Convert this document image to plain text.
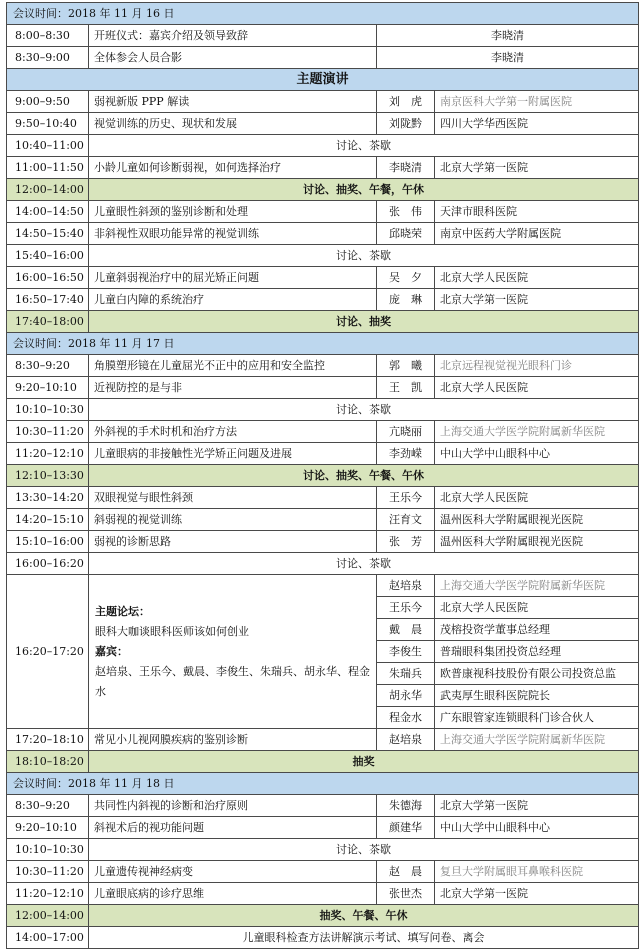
会议时间：2018 年 11 月 16 日			
8:00–8:30	开班仪式：嘉宾介绍及领导致辞	李晓清	
8:30–9:00	全体参会人员合影	李晓清	
主题演讲			
9:00–9:50	弱视新版 PPP 解读	刘　虎	南京医科大学第一附属医院
9:50–10:40	视觉训练的历史、现状和发展	刘陇黔	四川大学华西医院
10:40–11:00	讨论、茶歇		
11:00–11:50	小龄儿童如何诊断弱视，如何选择治疗	李晓清	北京大学第一医院
12:00–14:00	讨论、抽奖、午餐，午休		
14:00–14:50	儿童眼性斜颈的鉴别诊断和处理	张　伟	天津市眼科医院
14:50–15:40	非斜视性双眼功能异常的视觉训练	邱晓荣	南京中医药大学附属医院
15:40–16:00	讨论、茶歇		
16:00–16:50	儿童斜弱视治疗中的屈光矫正问题	吴　夕	北京大学人民医院
16:50–17:40	儿童白内障的系统治疗	庞　琳	北京大学第一医院
17:40–18:00	讨论、抽奖		
会议时间：2018 年 11 月 17 日			
8:30–9:20	角膜塑形镜在儿童屈光不正中的应用和安全监控	郭　曦	北京远程视觉视光眼科门诊
9:20–10:10	近视防控的是与非	王　凯	北京大学人民医院
10:10–10:30	讨论、茶歇		
10:30–11:20	外斜视的手术时机和治疗方法	亢晓丽	上海交通大学医学院附属新华医院
11:20–12:10	儿童眼病的非接触性光学矫正问题及进展	李劲嵘	中山大学中山眼科中心
12:10–13:30	讨论、抽奖、午餐、午休		
13:30–14:20	双眼视觉与眼性斜颈	王乐今	北京大学人民医院
14:20–15:10	斜弱视的视觉训练	汪育文	温州医科大学附属眼视光医院
15:10–16:00	弱视的诊断思路	张　芳	温州医科大学附属眼视光医院
16:00–16:20	讨论、茶歇		
16:20–17:20	主题论坛：
眼科大咖谈眼科医师该如何创业
嘉宾：
赵培泉、王乐今、戴晨、李俊生、朱瑞兵、胡永华、程金水	赵培泉	上海交通大学医学院附属新华医院
		王乐今	北京大学人民医院
		戴　晨	茂榕投资学董事总经理
		李俊生	普瑞眼科集团投资总经理
		朱瑞兵	欧普康视科技股份有限公司投资总监
		胡永华	武夷厚生眼科医院院长
		程金水	广东眼管家连锁眼科门诊合伙人
17:20–18:10	常见小儿视网膜疾病的鉴别诊断	赵培泉	上海交通大学医学院附属新华医院
18:10–18:20	抽奖		
会议时间：2018 年 11 月 18 日			
8:30–9:20	共同性内斜视的诊断和治疗原则	朱德海	北京大学第一医院
9:20–10:10	斜视术后的视功能问题	颜建华	中山大学中山眼科中心
10:10–10:30	讨论、茶歇		
10:30–11:20	儿童遗传视神经病变	赵　晨	复旦大学附属眼耳鼻喉科医院
11:20–12:10	儿童眼底病的诊疗思维	张世杰	北京大学第一医院
12:00–14:00	抽奖、午餐、午休		
14:00–17:00	儿童眼科检查方法讲解演示考试、填写问卷、离会		
